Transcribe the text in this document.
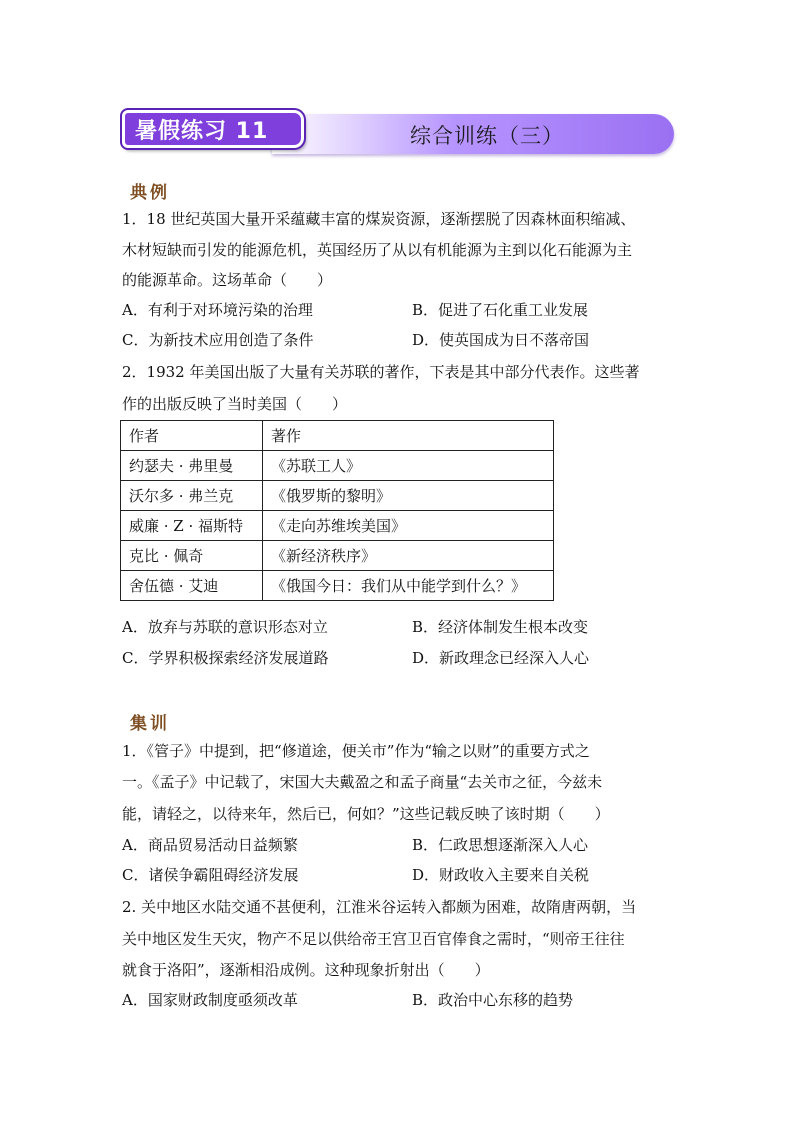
综合训练（三）
暑假练习 11
典例
1．18 世纪英国大量开采蕴藏丰富的煤炭资源，逐渐摆脱了因森林面积缩减、
木材短缺而引发的能源危机，英国经历了从以有机能源为主到以化石能源为主
的能源革命。这场革命（　　）
A．有利于对环境污染的治理	B．促进了石化重工业发展
C．为新技术应用创造了条件	D．使英国成为日不落帝国
2．1932 年美国出版了大量有关苏联的著作，下表是其中部分代表作。这些著
作的出版反映了当时美国（　　）
作者	著作
约瑟夫 · 弗里曼	《苏联工人》
沃尔多 · 弗兰克	《俄罗斯的黎明》
威廉 · Z · 福斯特	《走向苏维埃美国》
克比 · 佩奇	《新经济秩序》
舍伍德 · 艾迪	《俄国今日：我们从中能学到什么？》
A．放弃与苏联的意识形态对立	B．经济体制发生根本改变
C．学界积极探索经济发展道路	D．新政理念已经深入人心
集训
1．《管子》中提到，把“修道途，便关市”作为“输之以财”的重要方式之
一。《孟子》中记载了，宋国大夫戴盈之和孟子商量“去关市之征，今兹未
能，请轻之，以待来年，然后已，何如？”这些记载反映了该时期（　　）
A．商品贸易活动日益频繁	B．仁政思想逐渐深入人心
C．诸侯争霸阻碍经济发展	D．财政收入主要来自关税
2. 关中地区水陆交通不甚便利，江淮米谷运转入都颇为困难，故隋唐两朝，当
关中地区发生天灾，物产不足以供给帝王宫卫百官俸食之需时，“则帝王往往
就食于洛阳”，逐渐相沿成例。这种现象折射出（　　）
A．国家财政制度亟须改革	B．政治中心东移的趋势
